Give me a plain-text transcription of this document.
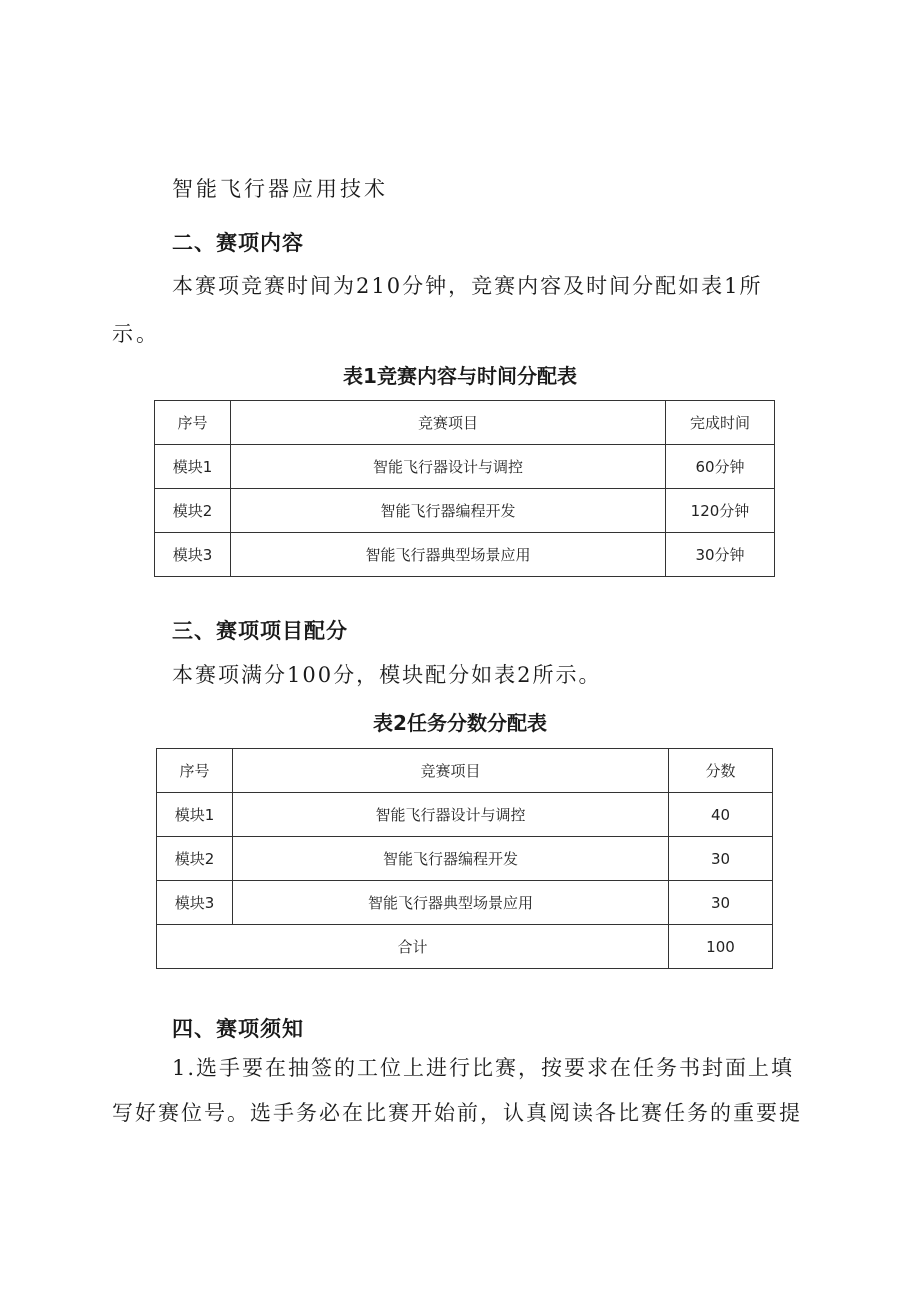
智能飞行器应用技术
二、赛项内容
本赛项竞赛时间为210分钟，竞赛内容及时间分配如表1所
示。
表1竞赛内容与时间分配表
序号	竞赛项目	完成时间
模块1	智能飞行器设计与调控	60分钟
模块2	智能飞行器编程开发	120分钟
模块3	智能飞行器典型场景应用	30分钟
三、赛项项目配分
本赛项满分100分，模块配分如表2所示。
表2任务分数分配表
序号	竞赛项目	分数
模块1	智能飞行器设计与调控	40
模块2	智能飞行器编程开发	30
模块3	智能飞行器典型场景应用	30
合计		100
四、赛项须知
1.选手要在抽签的工位上进行比赛，按要求在任务书封面上填
写好赛位号。选手务必在比赛开始前，认真阅读各比赛任务的重要提
